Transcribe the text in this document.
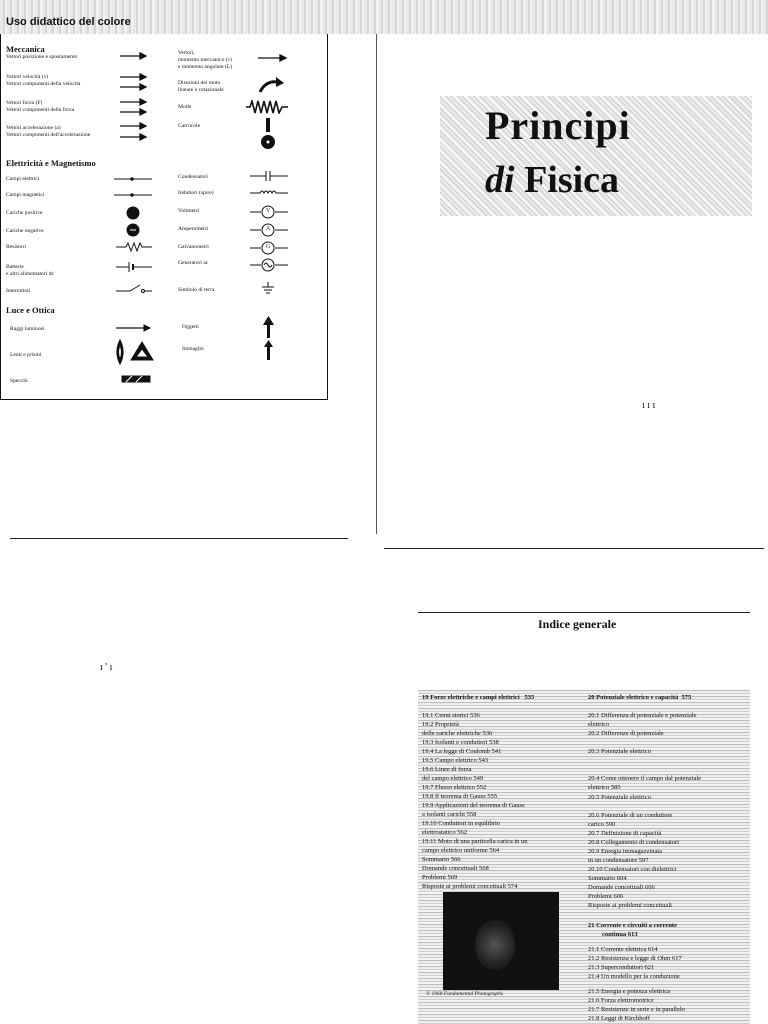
Uso didattico del colore
Meccanica
Vettori posizione e spostamento
Vettori velocità (v)
Vettori componenti della velocità
Vettori forza (F)
Vettori componenti della forza
Vettori accelerazione (a)
Vettori componenti dell'accelerazione
Vettori,
momento meccanico (τ)
e momento angolare (L)
Direzioni del moto
lineare o rotazionale
Molle
Carrucole
Elettricità e Magnetismo
Campi elettrici
Campi magnetici
Cariche positive
Cariche negative
Resistori
Batterie
e altri alimentatori dc
Interruttori
Condensatori
Induttori (spire)
Voltmetri
Amperometri
Galvanometri
Generatori ac
Simbolo di terra
V
A
G
Luce e Ottica
Raggi luminosi
Lenti e prismi
Specchi
Oggetti
Immagini
Principi
di Fisica
ı ı ı
ı ' ı
Indice generale
19 Forze elettriche e campi elettrici 535
19.1 Cenni storici 536
19.2 Proprietà
delle cariche elettriche 536
19.3 Isolanti e conduttori 538
19.4 La legge di Coulomb 541
19.5 Campo elettrico 543
19.6 Linee di forza
del campo elettrico 549
19.7 Flusso elettrico 552
19.8 Il teorema di Gauss 555
19.9 Applicazioni del teorema di Gauss
a isolanti carichi 558
19.10 Conduttori in equilibrio
elettrostatico 562
19.11 Moto di una particella carica in un
campo elettrico uniforme 564
Sommario 566
Domande concettuali 568
Problemi 569
Risposte ai problemi concettuali 574
20 Potenziale elettrico e capacità 575
20.1 Differenza di potenziale e potenziale
elettrico
20.2 Differenze di potenziale
20.3 Potenziale elettrico
20.4 Come ottenere il campo dal potenziale
elettrico 585
20.5 Potenziale elettrico
20.6 Potenziale di un conduttore
carico 590
20.7 Definizione di capacità
20.8 Collegamento di condensatori
20.9 Energia immagazzinata
in un condensatore 597
20.10 Condensatori con dielettrici
Sommario 604
Domande concettuali 606
Problemi 606
Risposte ai problemi concettuali
21 Corrente e circuiti a corrente
continua 613
21.1 Corrente elettrica 614
21.2 Resistenza e legge di Ohm 617
21.3 Superconduttori 621
21.4 Un modello per la conduzione
21.5 Energia e potenza elettrica
21.6 Forza elettromotrice
21.7 Resistenze in serie e in parallelo
21.8 Leggi di Kirchhoff
© 1968 Fundamental Photographs
